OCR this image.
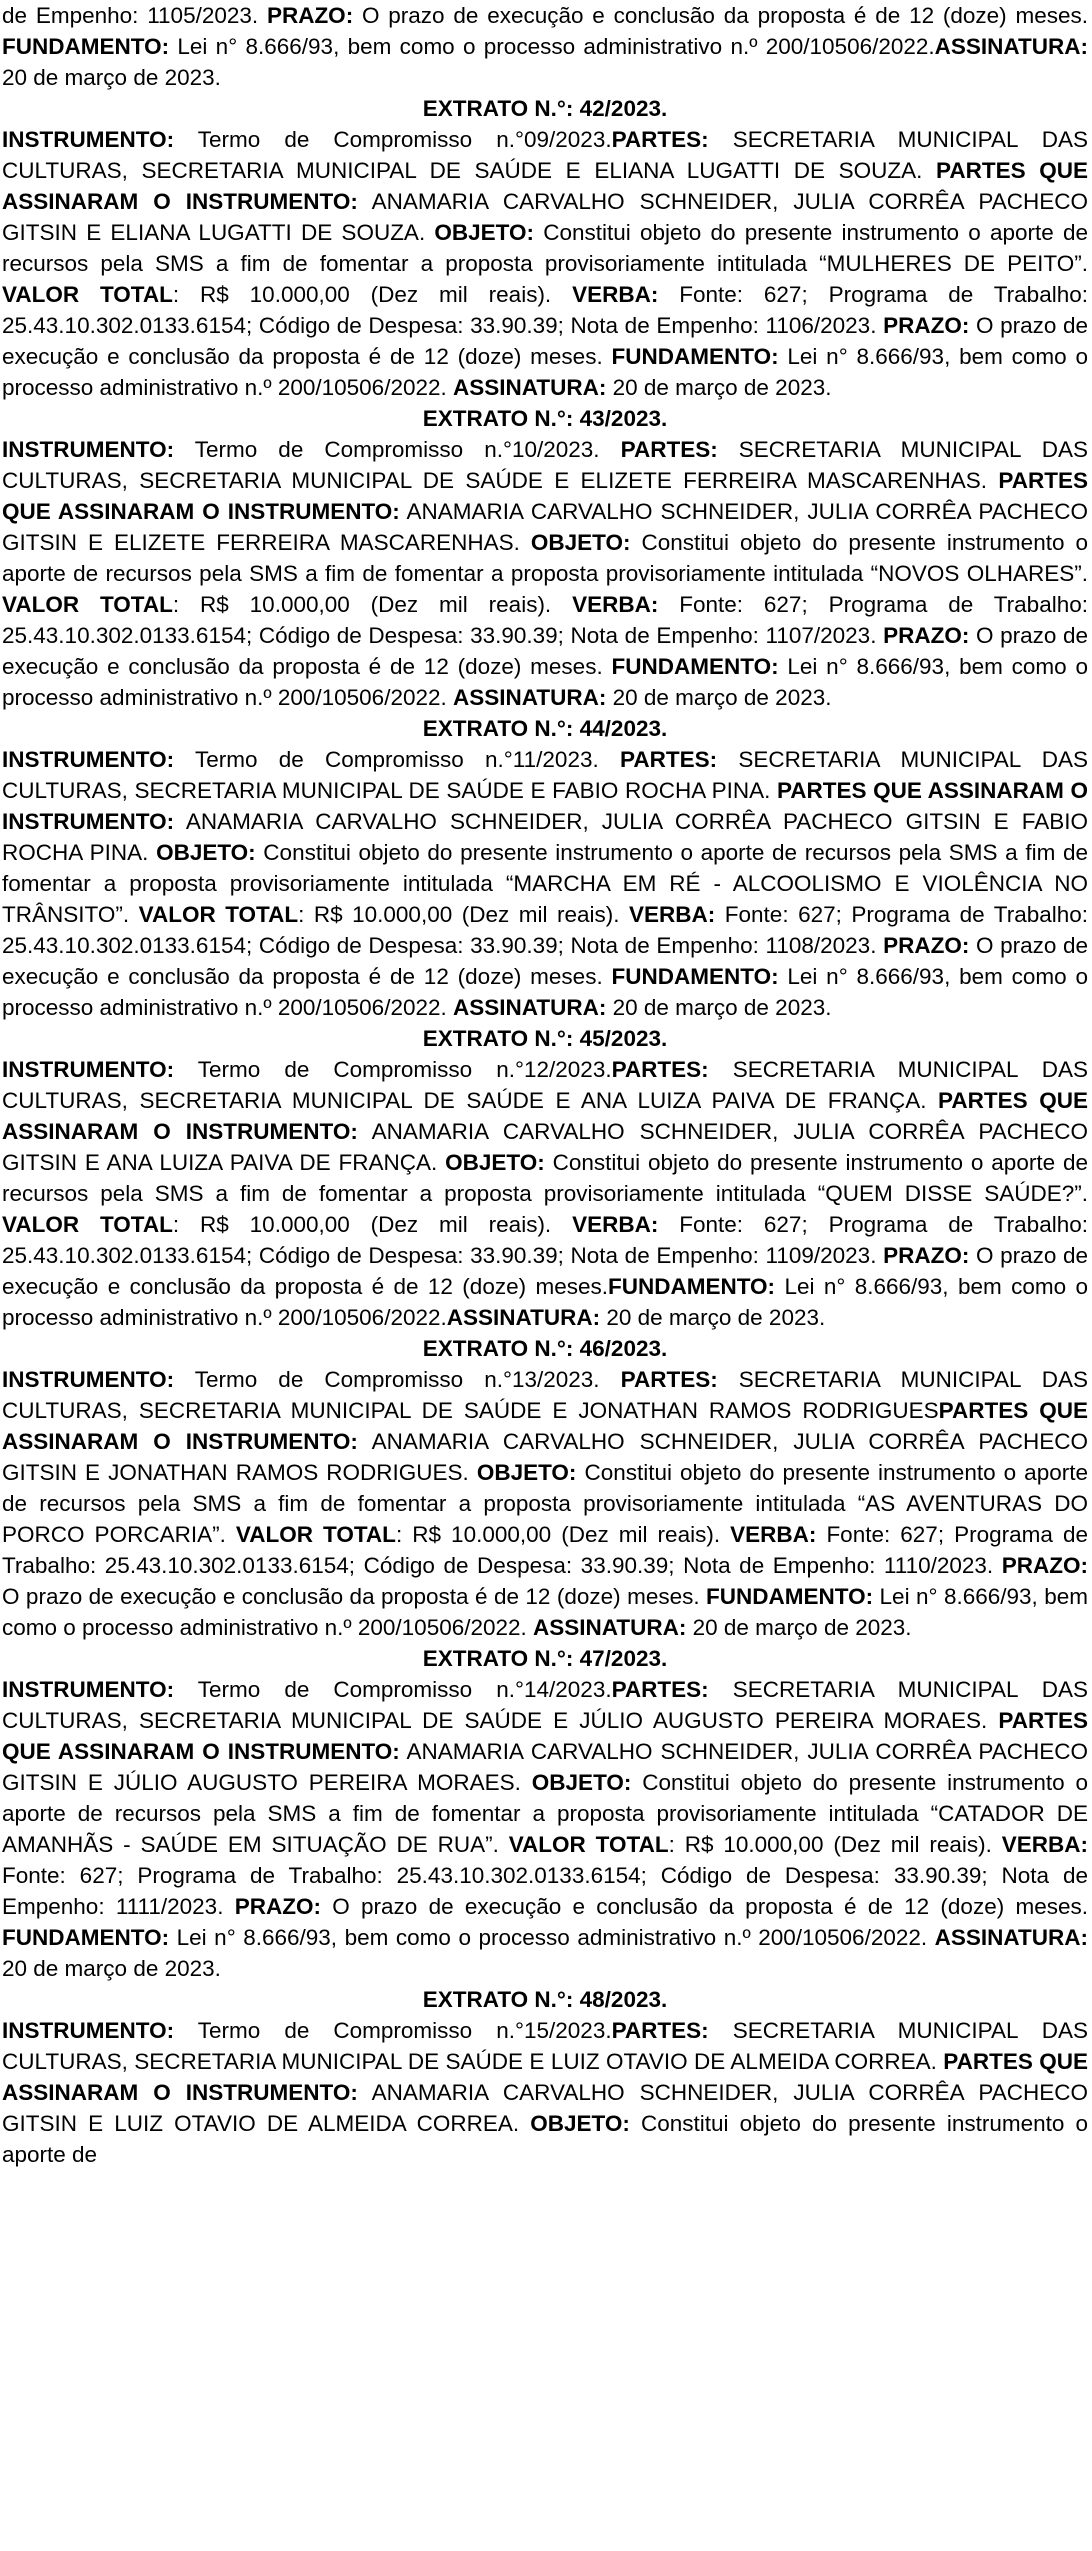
de Empenho: 1105/2023. PRAZO: O prazo de execução e conclusão da proposta é de 12 (doze) meses. FUNDAMENTO: Lei n° 8.666/93, bem como o processo administrativo n.º 200/10506/2022.ASSINATURA: 20 de março de 2023.

EXTRATO N.°: 42/2023.

INSTRUMENTO: Termo de Compromisso n.°09/2023.PARTES: SECRETARIA MUNICIPAL DAS CULTURAS, SECRETARIA MUNICIPAL DE SAÚDE E ELIANA LUGATTI DE SOUZA. PARTES QUE ASSINARAM O INSTRUMENTO: ANAMARIA CARVALHO SCHNEIDER, JULIA CORRÊA PACHECO GITSIN E ELIANA LUGATTI DE SOUZA. OBJETO: Constitui objeto do presente instrumento o aporte de recursos pela SMS a fim de fomentar a proposta provisoriamente intitulada “MULHERES DE PEITO”. VALOR TOTAL: R$ 10.000,00 (Dez mil reais). VERBA: Fonte: 627; Programa de Trabalho: 25.43.10.302.0133.6154; Código de Despesa: 33.90.39; Nota de Empenho: 1106/2023. PRAZO: O prazo de execução e conclusão da proposta é de 12 (doze) meses. FUNDAMENTO: Lei n° 8.666/93, bem como o processo administrativo n.º 200/10506/2022. ASSINATURA: 20 de março de 2023.

EXTRATO N.°: 43/2023.

INSTRUMENTO: Termo de Compromisso n.°10/2023. PARTES: SECRETARIA MUNICIPAL DAS CULTURAS, SECRETARIA MUNICIPAL DE SAÚDE E ELIZETE FERREIRA MASCARENHAS. PARTES QUE ASSINARAM O INSTRUMENTO: ANAMARIA CARVALHO SCHNEIDER, JULIA CORRÊA PACHECO GITSIN E ELIZETE FERREIRA MASCARENHAS. OBJETO: Constitui objeto do presente instrumento o aporte de recursos pela SMS a fim de fomentar a proposta provisoriamente intitulada “NOVOS OLHARES”. VALOR TOTAL: R$ 10.000,00 (Dez mil reais). VERBA: Fonte: 627; Programa de Trabalho: 25.43.10.302.0133.6154; Código de Despesa: 33.90.39; Nota de Empenho: 1107/2023. PRAZO: O prazo de execução e conclusão da proposta é de 12 (doze) meses. FUNDAMENTO: Lei n° 8.666/93, bem como o processo administrativo n.º 200/10506/2022. ASSINATURA: 20 de março de 2023.

EXTRATO N.°: 44/2023.

INSTRUMENTO: Termo de Compromisso n.°11/2023. PARTES: SECRETARIA MUNICIPAL DAS CULTURAS, SECRETARIA MUNICIPAL DE SAÚDE E FABIO ROCHA PINA. PARTES QUE ASSINARAM O INSTRUMENTO: ANAMARIA CARVALHO SCHNEIDER, JULIA CORRÊA PACHECO GITSIN E FABIO ROCHA PINA. OBJETO: Constitui objeto do presente instrumento o aporte de recursos pela SMS a fim de fomentar a proposta provisoriamente intitulada “MARCHA EM RÉ - ALCOOLISMO E VIOLÊNCIA NO TRÂNSITO”. VALOR TOTAL: R$ 10.000,00 (Dez mil reais). VERBA: Fonte: 627; Programa de Trabalho: 25.43.10.302.0133.6154; Código de Despesa: 33.90.39; Nota de Empenho: 1108/2023. PRAZO: O prazo de execução e conclusão da proposta é de 12 (doze) meses. FUNDAMENTO: Lei n° 8.666/93, bem como o processo administrativo n.º 200/10506/2022. ASSINATURA: 20 de março de 2023.

EXTRATO N.°: 45/2023.

INSTRUMENTO: Termo de Compromisso n.°12/2023.PARTES: SECRETARIA MUNICIPAL DAS CULTURAS, SECRETARIA MUNICIPAL DE SAÚDE E ANA LUIZA PAIVA DE FRANÇA. PARTES QUE ASSINARAM O INSTRUMENTO: ANAMARIA CARVALHO SCHNEIDER, JULIA CORRÊA PACHECO GITSIN E ANA LUIZA PAIVA DE FRANÇA. OBJETO: Constitui objeto do presente instrumento o aporte de recursos pela SMS a fim de fomentar a proposta provisoriamente intitulada “QUEM DISSE SAÚDE?”. VALOR TOTAL: R$ 10.000,00 (Dez mil reais). VERBA: Fonte: 627; Programa de Trabalho: 25.43.10.302.0133.6154; Código de Despesa: 33.90.39; Nota de Empenho: 1109/2023. PRAZO: O prazo de execução e conclusão da proposta é de 12 (doze) meses.FUNDAMENTO: Lei n° 8.666/93, bem como o processo administrativo n.º 200/10506/2022.ASSINATURA: 20 de março de 2023.

EXTRATO N.°: 46/2023.

INSTRUMENTO: Termo de Compromisso n.°13/2023. PARTES: SECRETARIA MUNICIPAL DAS CULTURAS, SECRETARIA MUNICIPAL DE SAÚDE E JONATHAN RAMOS RODRIGUESPARTES QUE ASSINARAM O INSTRUMENTO: ANAMARIA CARVALHO SCHNEIDER, JULIA CORRÊA PACHECO GITSIN E JONATHAN RAMOS RODRIGUES. OBJETO: Constitui objeto do presente instrumento o aporte de recursos pela SMS a fim de fomentar a proposta provisoriamente intitulada “AS AVENTURAS DO PORCO PORCARIA”. VALOR TOTAL: R$ 10.000,00 (Dez mil reais). VERBA: Fonte: 627; Programa de Trabalho: 25.43.10.302.0133.6154; Código de Despesa: 33.90.39; Nota de Empenho: 1110/2023. PRAZO: O prazo de execução e conclusão da proposta é de 12 (doze) meses. FUNDAMENTO: Lei n° 8.666/93, bem como o processo administrativo n.º 200/10506/2022. ASSINATURA: 20 de março de 2023.

EXTRATO N.°: 47/2023.

INSTRUMENTO: Termo de Compromisso n.°14/2023.PARTES: SECRETARIA MUNICIPAL DAS CULTURAS, SECRETARIA MUNICIPAL DE SAÚDE E JÚLIO AUGUSTO PEREIRA MORAES. PARTES QUE ASSINARAM O INSTRUMENTO: ANAMARIA CARVALHO SCHNEIDER, JULIA CORRÊA PACHECO GITSIN E JÚLIO AUGUSTO PEREIRA MORAES. OBJETO: Constitui objeto do presente instrumento o aporte de recursos pela SMS a fim de fomentar a proposta provisoriamente intitulada “CATADOR DE AMANHÃS - SAÚDE EM SITUAÇÃO DE RUA”. VALOR TOTAL: R$ 10.000,00 (Dez mil reais). VERBA: Fonte: 627; Programa de Trabalho: 25.43.10.302.0133.6154; Código de Despesa: 33.90.39; Nota de Empenho: 1111/2023. PRAZO: O prazo de execução e conclusão da proposta é de 12 (doze) meses. FUNDAMENTO: Lei n° 8.666/93, bem como o processo administrativo n.º 200/10506/2022. ASSINATURA: 20 de março de 2023.

EXTRATO N.°: 48/2023.

INSTRUMENTO: Termo de Compromisso n.°15/2023.PARTES: SECRETARIA MUNICIPAL DAS CULTURAS, SECRETARIA MUNICIPAL DE SAÚDE E LUIZ OTAVIO DE ALMEIDA CORREA. PARTES QUE ASSINARAM O INSTRUMENTO: ANAMARIA CARVALHO SCHNEIDER, JULIA CORRÊA PACHECO GITSIN E LUIZ OTAVIO DE ALMEIDA CORREA. OBJETO: Constitui objeto do presente instrumento o aporte de
